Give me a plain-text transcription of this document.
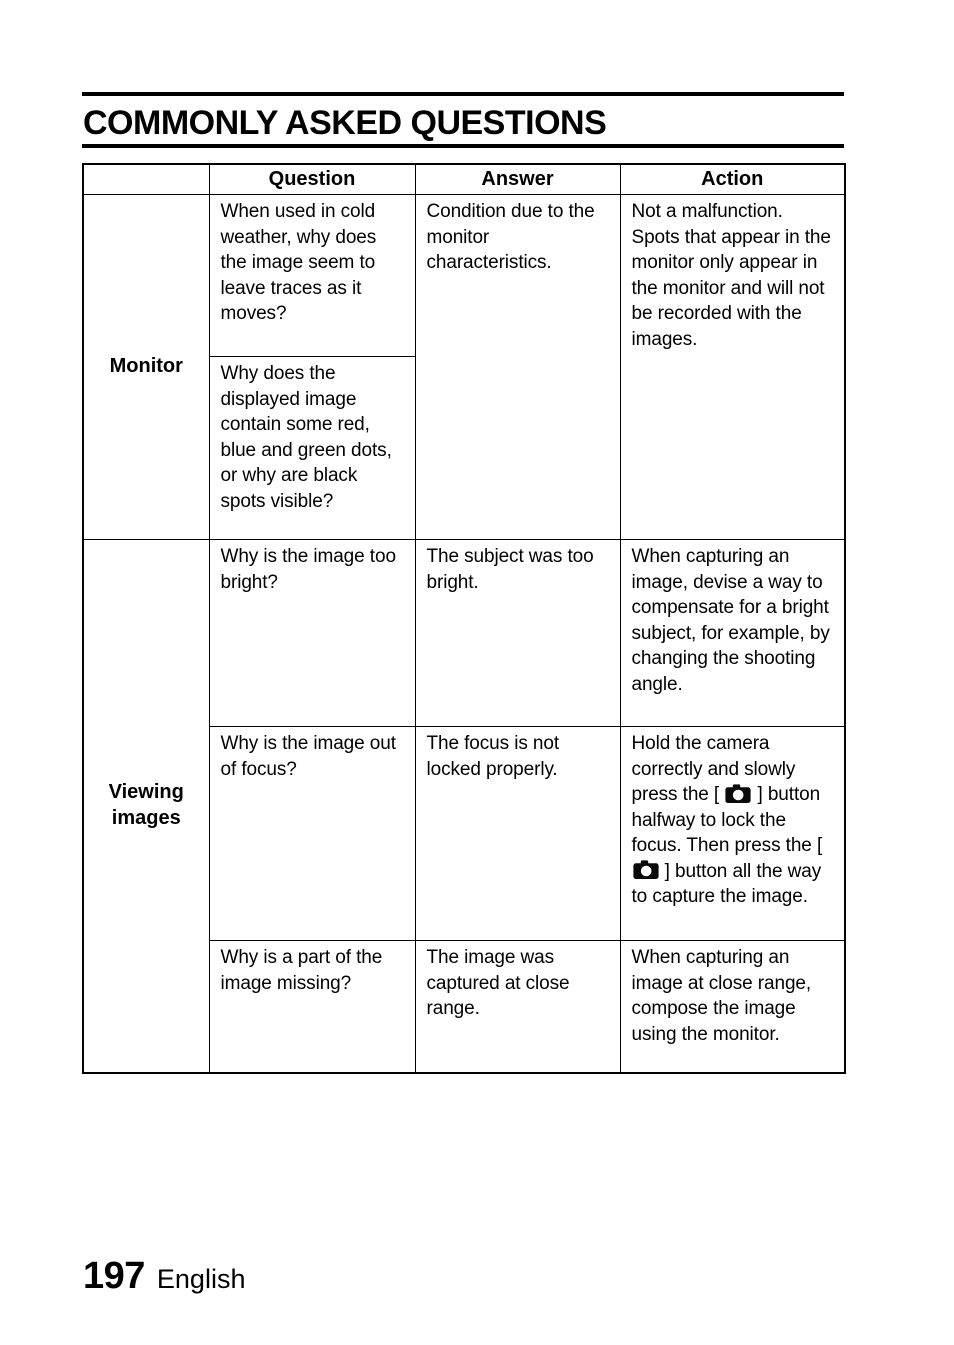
COMMONLY ASKED QUESTIONS
	Question	Answer	Action
Monitor	When used in cold weather, why does the image seem to leave traces as it moves?	Condition due to the monitor characteristics.	Not a malfunction. Spots that appear in the monitor only appear in the monitor and will not be recorded with the images.
	Why does the displayed image contain some red, blue and green dots, or why are black spots visible?		
Viewing images	Why is the image too bright?	The subject was too bright.	When capturing an image, devise a way to compensate for a bright subject, for example, by changing the shooting angle.
	Why is the image out of focus?	The focus is not locked properly.	Hold the camera correctly and slowly press the [  ] button halfway to lock the focus. Then press the [  ] button all the way to capture the image.
	Why is a part of the image missing?	The image was captured at close range.	When capturing an image at close range, compose the image using the monitor.
197 English
